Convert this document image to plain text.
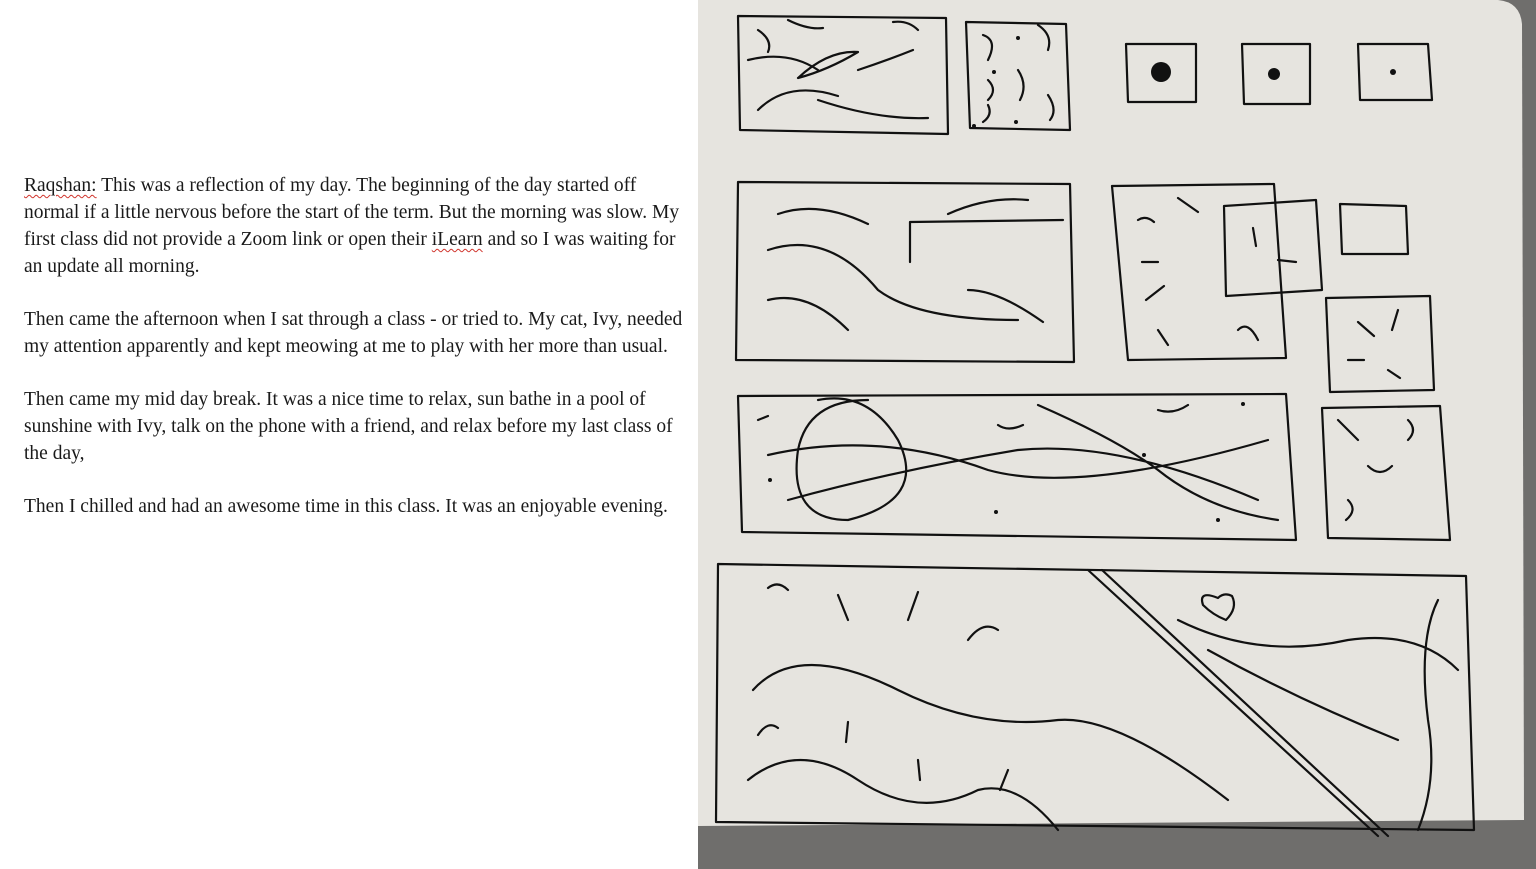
Raqshan: This was a reflection of my day. The beginning of the day started off normal if a little nervous before the start of the term. But the morning was slow. My first class did not provide a Zoom link or open their iLearn and so I was waiting for an update all morning.

Then came the afternoon when I sat through a class - or tried to. My cat, Ivy, needed my attention apparently and kept meowing at me to play with her more than usual.

Then came my mid day break. It was a nice time to relax, sun bathe in a pool of sunshine with Ivy, talk on the phone with a friend, and relax before my last class of the day,

Then I chilled and had an awesome time in this class. It was an enjoyable evening.
